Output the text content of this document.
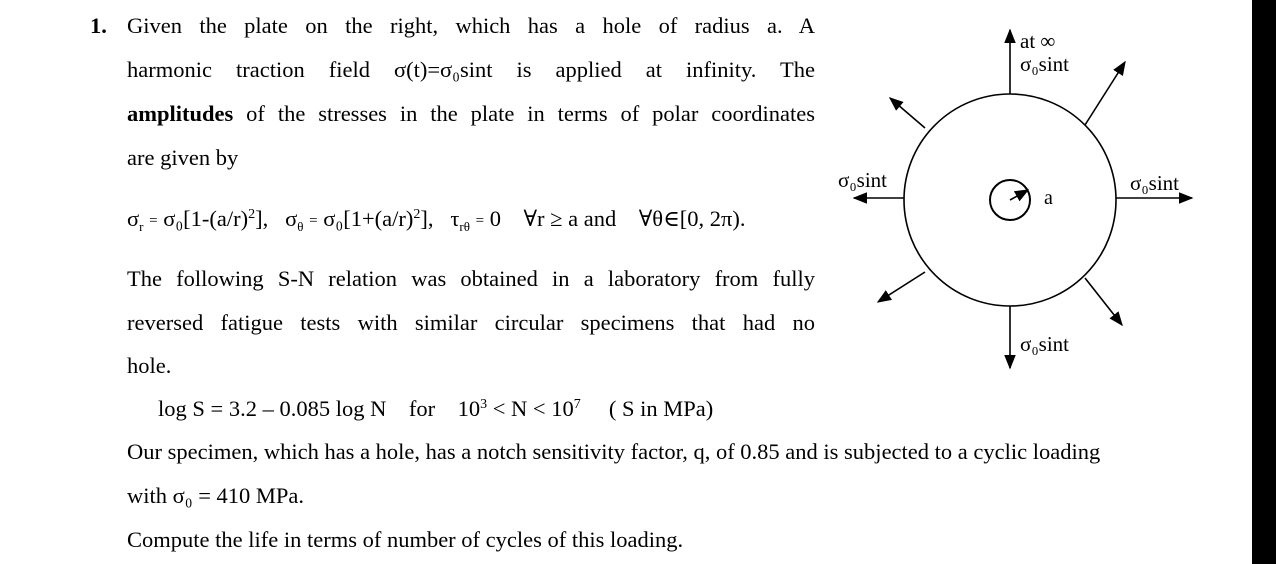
1. Given the plate on the right, which has a hole of radius a. A
harmonic traction field σ(t)=σ₀sint is applied at infinity. The
amplitudes of the stresses in the plate in terms of polar coordinates
are given by
$\sigma_r = \sigma_0[1-(a/r)^2]$, $\sigma_\theta = \sigma_0[1+(a/r)^2]$, $\tau_{r\theta} = 0$ ∀r ≥ a and ∀θ∈[0, 2π).
The following S-N relation was obtained in a laboratory from fully
reversed fatigue tests with similar circular specimens that had no
hole.
log S = 3.2 – 0.085 log N for $10^3 < N < 10^7$ ( S in MPa)
Our specimen, which has a hole, has a notch sensitivity factor, q, of 0.85 and is subjected to a cyclic loading
with σ₀ = 410 MPa.
Compute the life in terms of number of cycles of this loading.
at ∞
σ₀sint
σ₀sint	σ₀sint
σ₀sint
a
